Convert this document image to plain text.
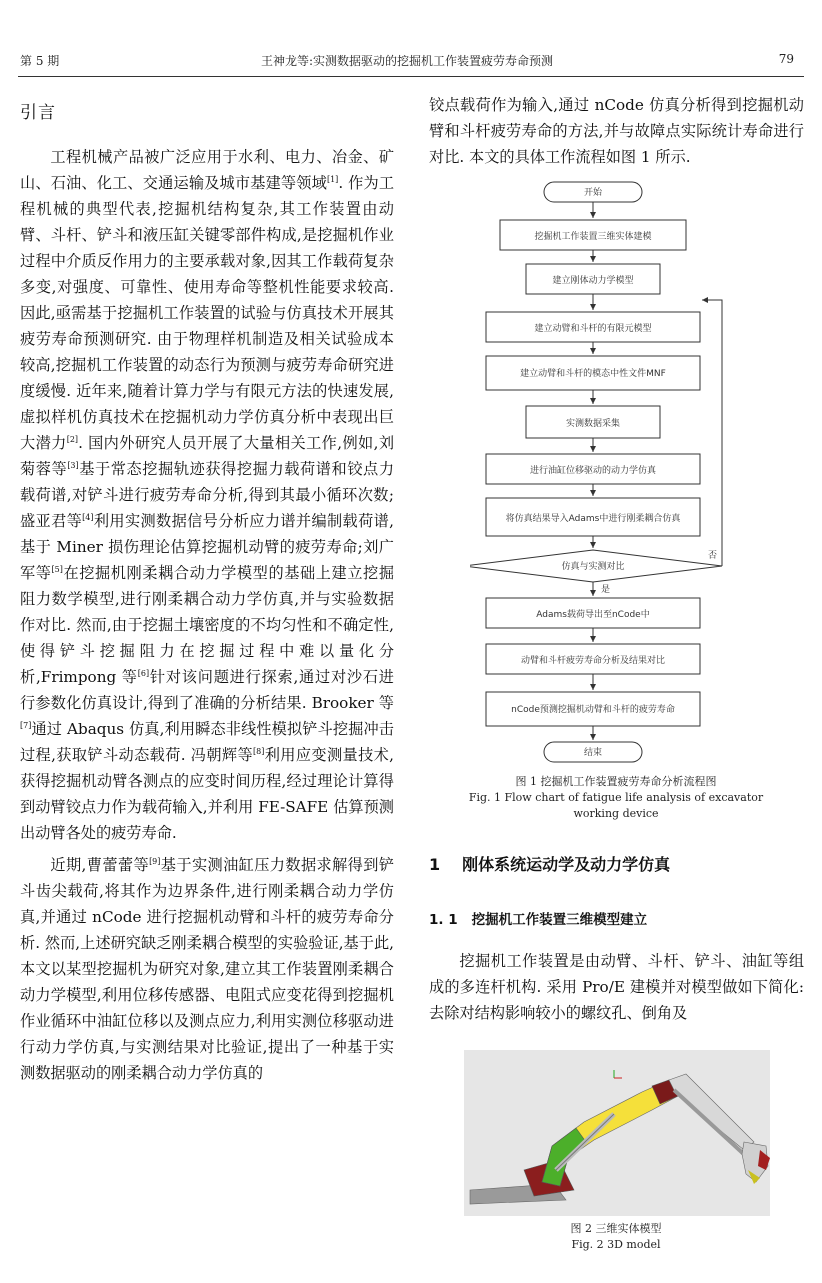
第 5 期	王神龙等:实测数据驱动的挖掘机工作装置疲劳寿命预测	79
引言

工程机械产品被广泛应用于水利、电力、冶金、矿山、石油、化工、交通运输及城市基建等领域[1]. 作为工程机械的典型代表,挖掘机结构复杂,其工作装置由动臂、斗杆、铲斗和液压缸关键零部件构成,是挖掘机作业过程中介质反作用力的主要承载对象,因其工作载荷复杂多变,对强度、可靠性、使用寿命等整机性能要求较高. 因此,亟需基于挖掘机工作装置的试验与仿真技术开展其疲劳寿命预测研究. 由于物理样机制造及相关试验成本较高,挖掘机工作装置的动态行为预测与疲劳寿命研究进度缓慢. 近年来,随着计算力学与有限元方法的快速发展,虚拟样机仿真技术在挖掘机动力学仿真分析中表现出巨大潜力[2]. 国内外研究人员开展了大量相关工作,例如,刘菊蓉等[3]基于常态挖掘轨迹获得挖掘力载荷谱和铰点力载荷谱,对铲斗进行疲劳寿命分析,得到其最小循环次数;盛亚君等[4]利用实测数据信号分析应力谱并编制载荷谱,基于 Miner 损伤理论估算挖掘机动臂的疲劳寿命;刘广军等[5]在挖掘机刚柔耦合动力学模型的基础上建立挖掘阻力数学模型,进行刚柔耦合动力学仿真,并与实验数据作对比. 然而,由于挖掘土壤密度的不均匀性和不确定性,使得铲斗挖掘阻力在挖掘过程中难以量化分析,Frimpong 等[6]针对该问题进行探索,通过对沙石进行参数化仿真设计,得到了准确的分析结果. Brooker 等[7]通过 Abaqus 仿真,利用瞬态非线性模拟铲斗挖掘冲击过程,获取铲斗动态载荷. 冯朝辉等[8]利用应变测量技术,获得挖掘机动臂各测点的应变时间历程,经过理论计算得到动臂铰点力作为载荷输入,并利用 FE-SAFE 估算预测出动臂各处的疲劳寿命.

近期,曹蕾蕾等[9]基于实测油缸压力数据求解得到铲斗齿尖载荷,将其作为边界条件,进行刚柔耦合动力学仿真,并通过 nCode 进行挖掘机动臂和斗杆的疲劳寿命分析. 然而,上述研究缺乏刚柔耦合模型的实验验证,基于此,本文以某型挖掘机为研究对象,建立其工作装置刚柔耦合动力学模型,利用位移传感器、电阻式应变花得到挖掘机作业循环中油缸位移以及测点应力,利用实测位移驱动进行动力学仿真,与实测结果对比验证,提出了一种基于实测数据驱动的刚柔耦合动力学仿真的

铰点载荷作为输入,通过 nCode 仿真分析得到挖掘机动臂和斗杆疲劳寿命的方法,并与故障点实际统计寿命进行对比. 本文的具体工作流程如图 1 所示.

开始
挖掘机工作装置三维实体建模
建立刚体动力学模型
建立动臂和斗杆的有限元模型
建立动臂和斗杆的模态中性文件MNF
实测数据采集
进行油缸位移驱动的动力学仿真
将仿真结果导入Adams中进行刚柔耦合仿真
仿真与实测对比
否
是
Adams载荷导出至nCode中
动臂和斗杆疲劳寿命分析及结果对比
nCode预测挖掘机动臂和斗杆的疲劳寿命
结束
图 1 挖掘机工作装置疲劳寿命分析流程图
Fig. 1 Flow chart of fatigue life analysis of excavator
working device
1 刚体系统运动学及动力学仿真
1. 1 挖掘机工作装置三维模型建立

挖掘机工作装置是由动臂、斗杆、铲斗、油缸等组成的多连杆机构. 采用 Pro/E 建模并对模型做如下简化:去除对结构影响较小的螺纹孔、倒角及

图 2 三维实体模型
Fig. 2 3D model
